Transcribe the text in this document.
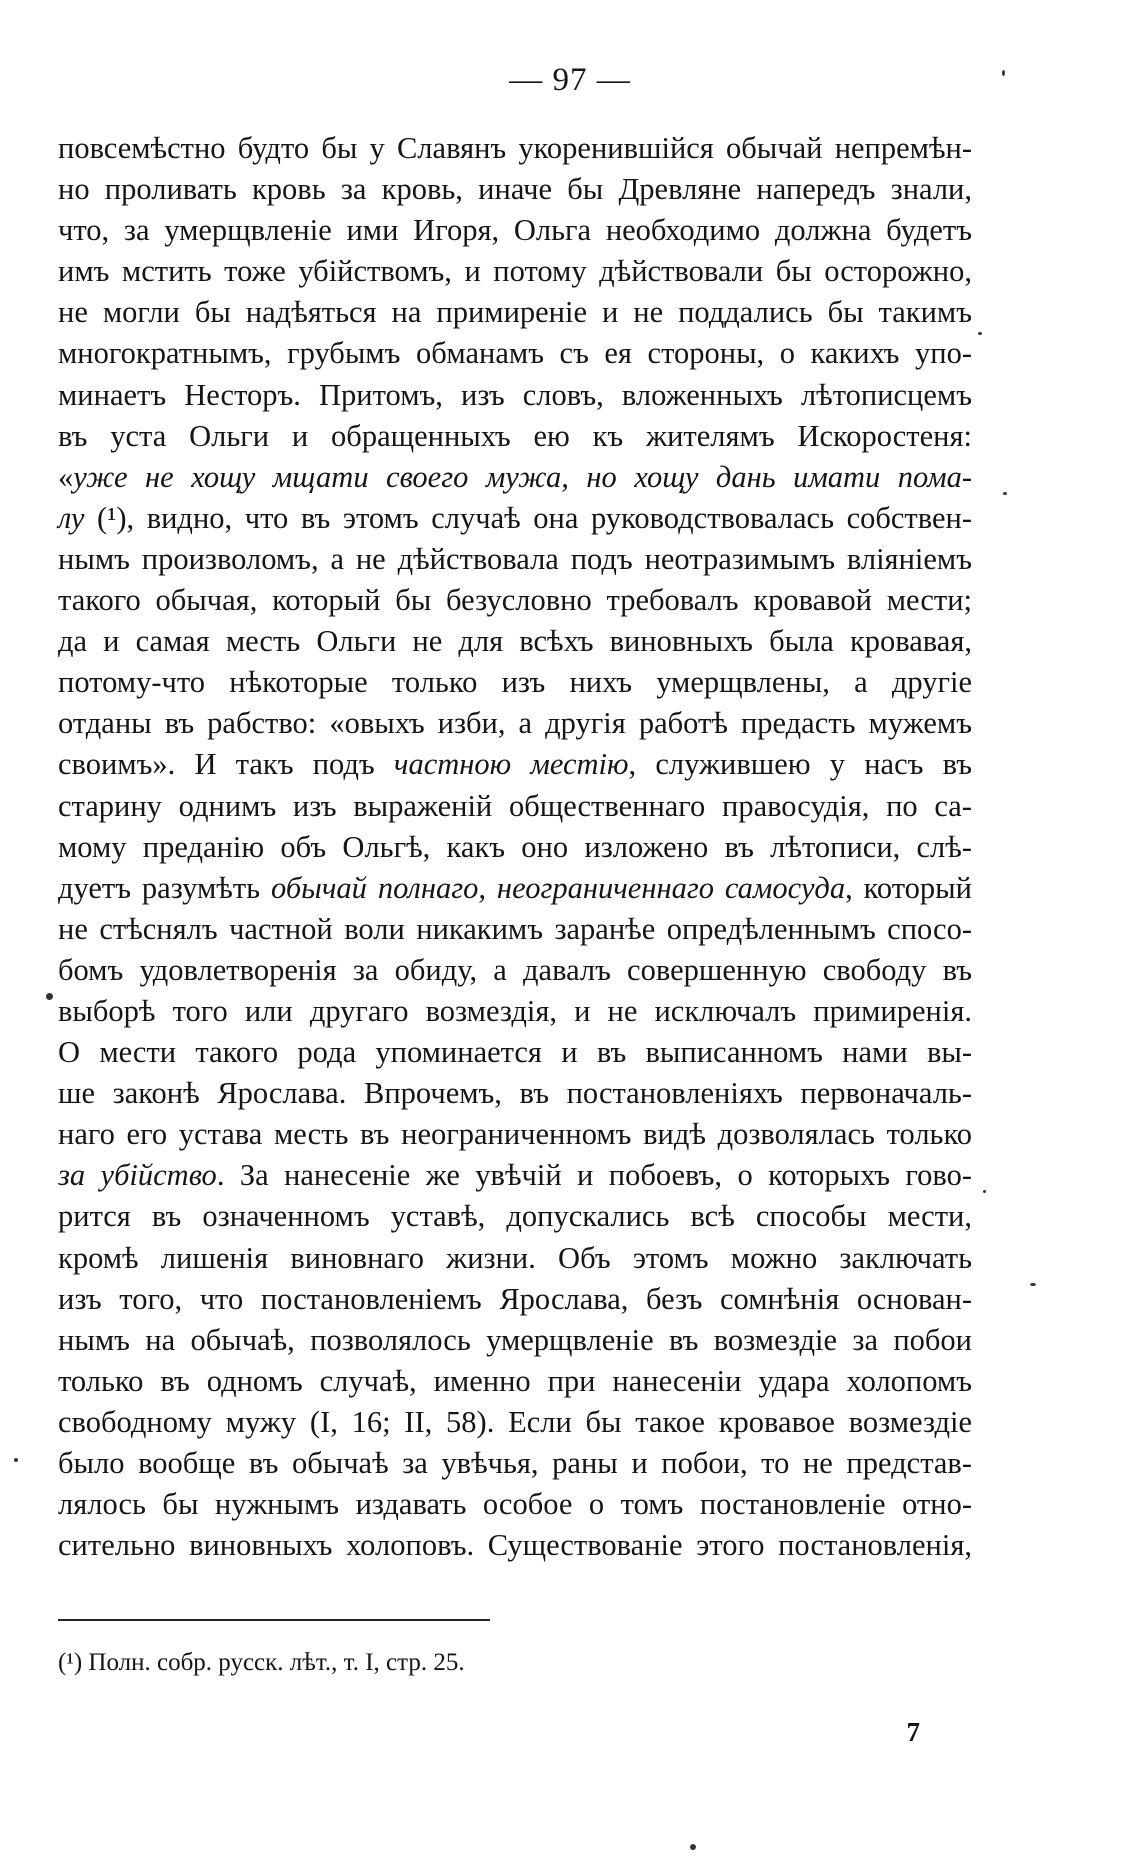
— 97 —
повсемѣстно будто бы у Славянъ укоренившійся обычай непремѣн-
но проливать кровь за кровь, иначе бы Древляне напередъ знали,
что, за умерщвленіе ими Игоря, Ольга необходимо должна будетъ
имъ мстить тоже убійствомъ, и потому дѣйствовали бы осторожно,
не могли бы надѣяться на примиреніе и не поддались бы такимъ
многократнымъ, грубымъ обманамъ съ ея стороны, о какихъ упо-
минаетъ Несторъ. Притомъ, изъ словъ, вложенныхъ лѣтописцемъ
въ уста Ольги и обращенныхъ ею къ жителямъ Искоростеня:
«уже не хощу мщати своего мужа, но хощу дань имати помa-
лу (¹), видно, что въ этомъ случаѣ она руководствовалась собствен-
нымъ произволомъ, а не дѣйствовала подъ неотразимымъ вліяніемъ
такого обычая, который бы безусловно требовалъ кровавой мести;
да и самая месть Ольги не для всѣхъ виновныхъ была кровавая,
потому-что нѣкоторые только изъ нихъ умерщвлены, а другіе
отданы въ рабство: «овыхъ изби, а другія работѣ предасть мужемъ
своимъ». И такъ подъ частною местію, служившею у насъ въ
старину однимъ изъ выраженій общественнаго правосудія, по са-
мому преданію объ Ольгѣ, какъ оно изложено въ лѣтописи, слѣ-
дуетъ разумѣть обычай полнаго, неограниченнаго самосуда, который
не стѣснялъ частной воли никакимъ заранѣе опредѣленнымъ спосо-
бомъ удовлетворенія за обиду, а давалъ совершенную свободу въ
выборѣ того или другаго возмездія, и не исключалъ примиренія.
О мести такого рода упоминается и въ выписанномъ нами вы-
ше законѣ Ярослава. Впрочемъ, въ постановленіяхъ первоначаль-
наго его устава месть въ неограниченномъ видѣ дозволялась только
за убійство. За нанесеніе же увѣчій и побоевъ, о которыхъ гово-
рится въ означенномъ уставѣ, допускались всѣ способы мести,
кромѣ лишенія виновнаго жизни. Объ этомъ можно заключать
изъ того, что постановленіемъ Ярослава, безъ сомнѣнія основан-
нымъ на обычаѣ, позволялось умерщвленіе въ возмездіе за побои
только въ одномъ случаѣ, именно при нанесеніи удара холопомъ
свободному мужу (I, 16; II, 58). Если бы такое кровавое возмездіе
было вообще въ обычаѣ за увѣчья, раны и побои, то не представ-
лялось бы нужнымъ издавать особое о томъ постановленіе отно-
сительно виновныхъ холоповъ. Существованіе этого постановленія,
(¹) Полн. собр. русск. лѣт., т. I, стр. 25.
7
